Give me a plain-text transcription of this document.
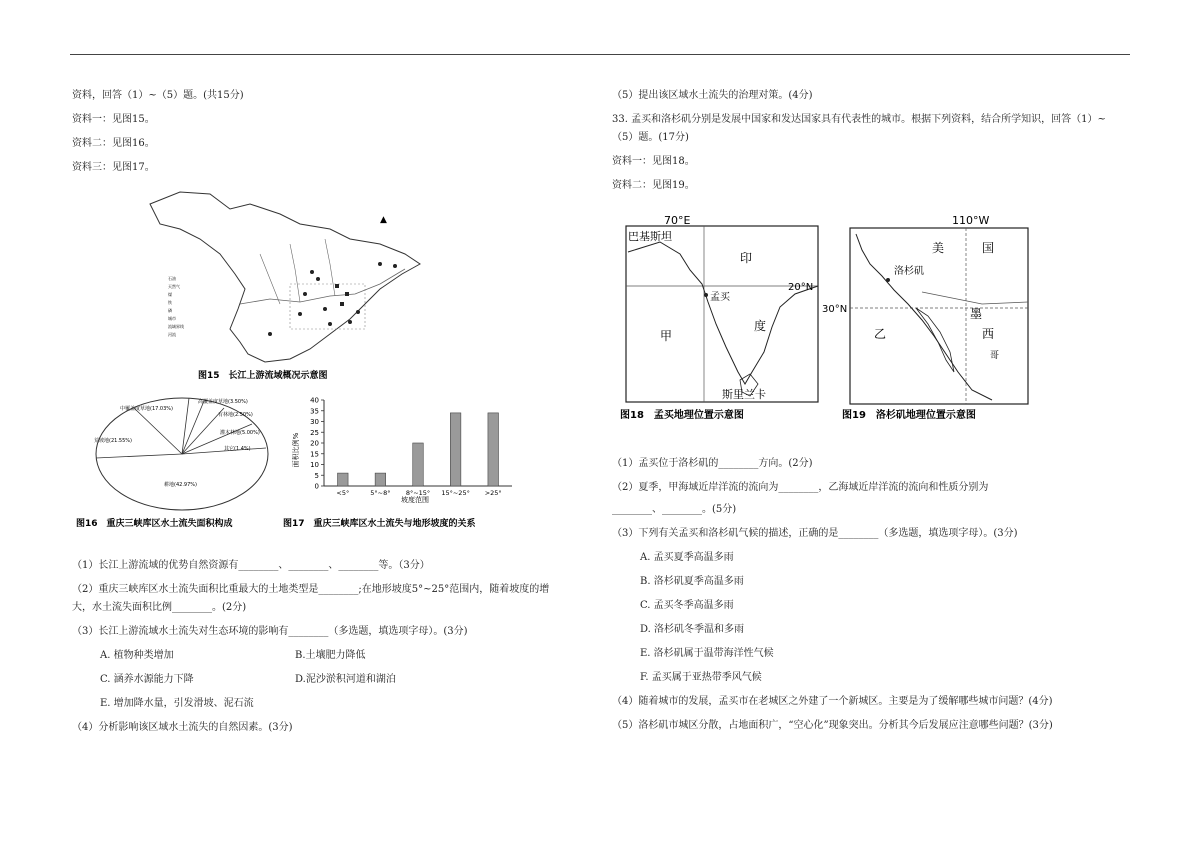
资料，回答（1）~（5）题。(共15分)

资料一：见图15。

资料二：见图16。

资料三：见图17。

▲
石油
天然气
煤
铁
磷
城市
流域界线
河流
图15　长江上游流域概况示意图
耕地(42.97%)
荒坡地(21.55%)
中覆盖度草地(17.03%)
高覆盖度草地(3.50%)
有林地(2.50%)
灌木林地(5.00%)
其它(1.4%)
图16　重庆三峡库区水土流失面积构成
0
5
10
15
20
25
30
35
40
<5°	5°~8° 8°~15° 15°~25° >25°
坡度范围
面积比例%
图17　重庆三峡库区水土流失与地形坡度的关系

（1）长江上游流域的优势自然资源有________、________、________等。（3分）

（2）重庆三峡库区水土流失面积比重最大的土地类型是________;在地形坡度5°~25°范围内，随着坡度的增

大，水土流失面积比例________。(2分)

（3）长江上游流域水土流失对生态环境的影响有________（多选题，填选项字母）。(3分)

A. 植物种类增加	B.土壤肥力降低
C. 涵养水源能力下降	D.泥沙淤积河道和湖泊

E. 增加降水量，引发滑坡、泥石流

（4）分析影响该区域水土流失的自然因素。(3分)

（5）提出该区域水土流失的治理对策。(4分)

33. 孟买和洛杉矶分别是发展中国家和发达国家具有代表性的城市。根据下列资料，结合所学知识，回答（1）~

（5）题。(17分)

资料一：见图18。

资料二：见图19。

70°E
20°N
巴基斯坦
印
度
孟买
甲
斯里兰卡
图18　孟买地理位置示意图
110°W
30°N
美	国
洛杉矶
乙
墨
西
哥
图19　洛杉矶地理位置示意图

（1）孟买位于洛杉矶的________方向。(2分)

（2）夏季，甲海域近岸洋流的流向为________，乙海域近岸洋流的流向和性质分别为

________、________。(5分)

（3）下列有关孟买和洛杉矶气候的描述，正确的是________（多选题，填选项字母）。(3分)

A. 孟买夏季高温多雨

B. 洛杉矶夏季高温多雨

C. 孟买冬季高温多雨

D. 洛杉矶冬季温和多雨

E. 洛杉矶属于温带海洋性气候

F. 孟买属于亚热带季风气候

（4）随着城市的发展，孟买市在老城区之外建了一个新城区。主要是为了缓解哪些城市问题？(4分)

（5）洛杉矶市城区分散，占地面积广，“空心化”现象突出。分析其今后发展应注意哪些问题？(3分)
